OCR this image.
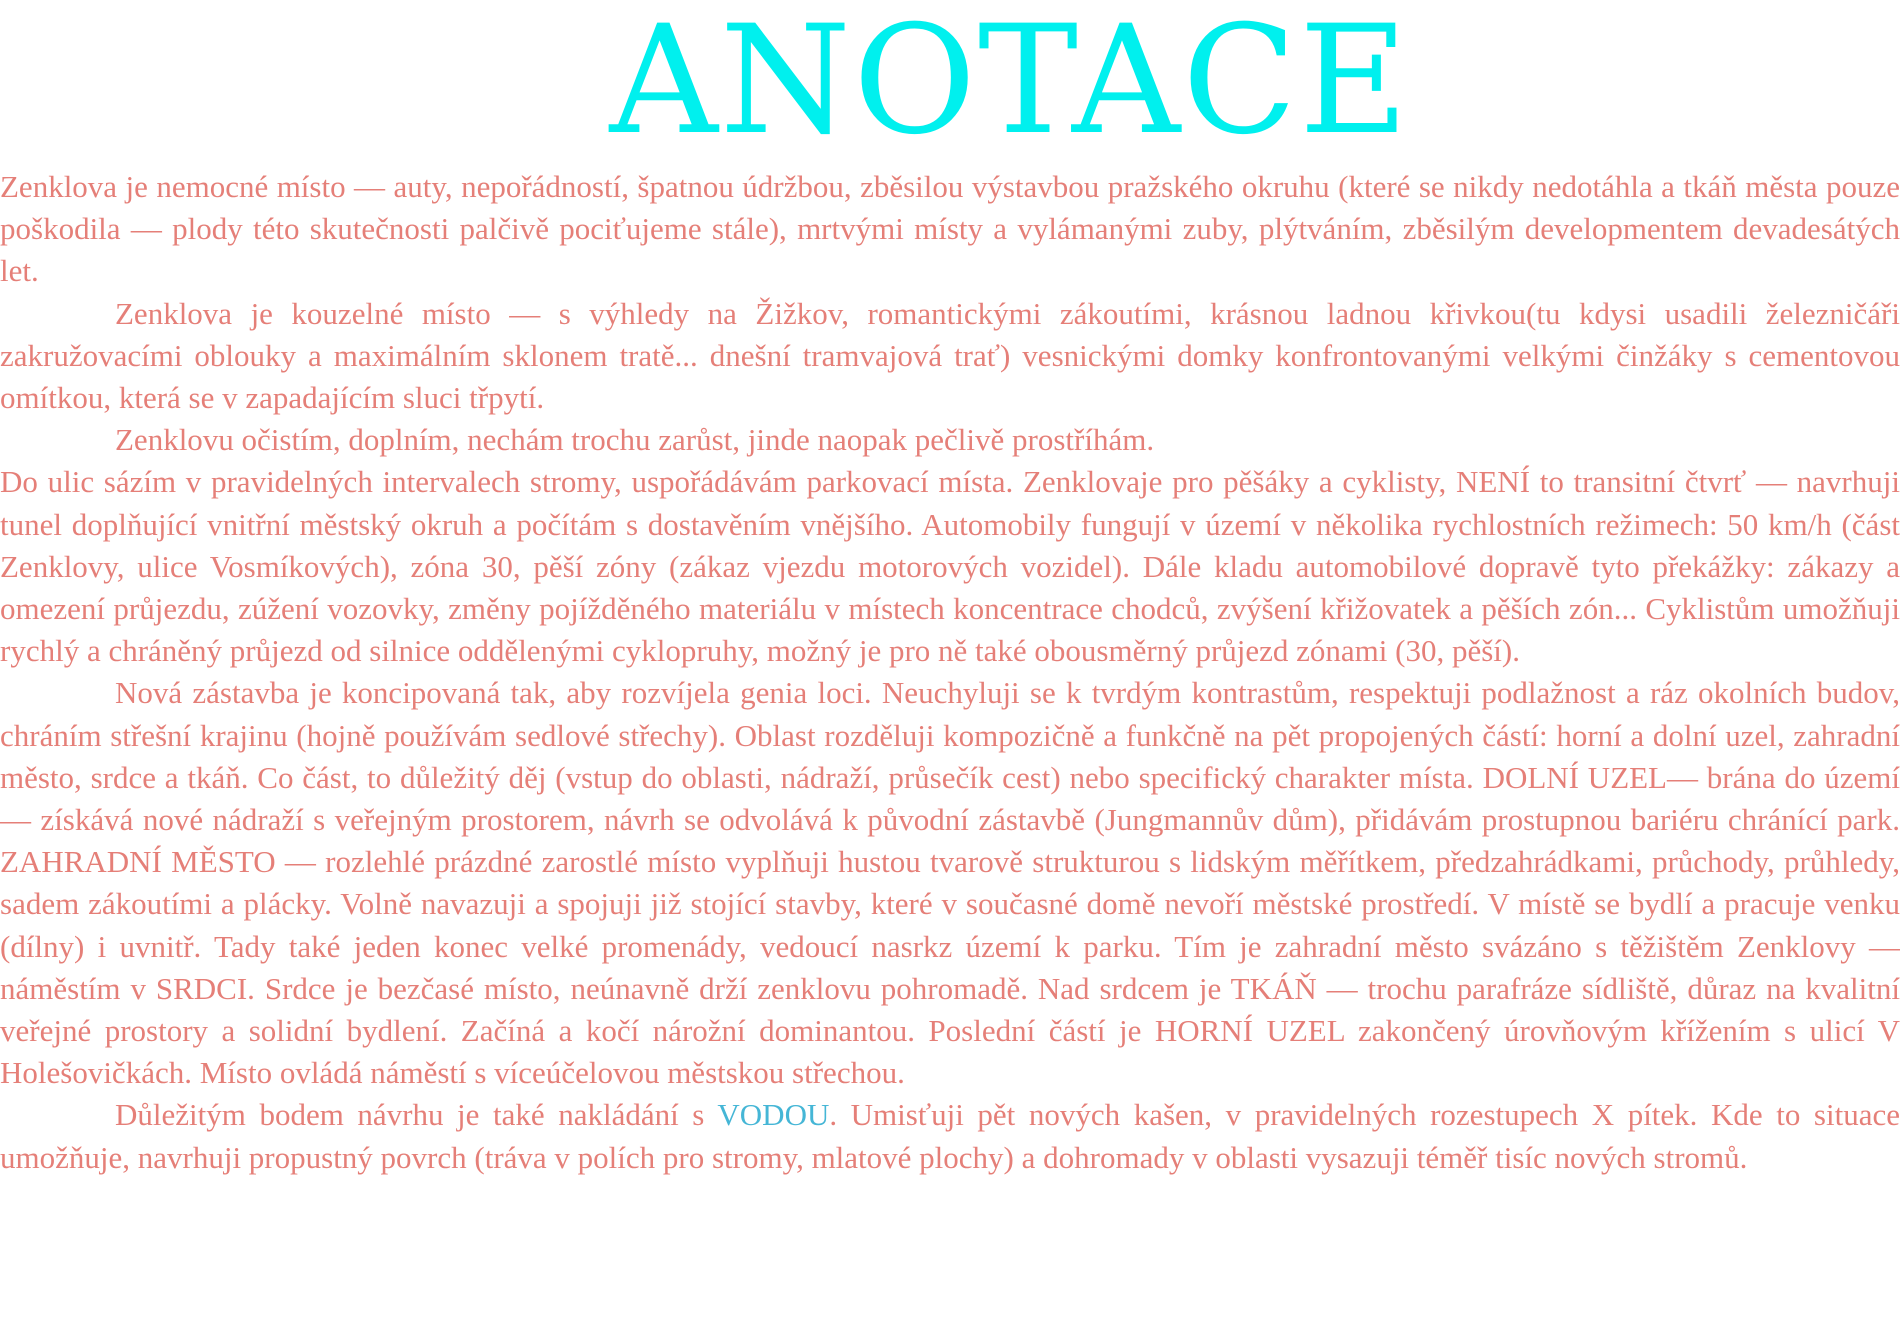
ANOTACE

Zenklova je nemocné místo — auty, nepořádností, špatnou údržbou, zběsilou výstavbou pražského okruhu (které se nikdy nedotáhla a tkáň města pouze poškodila — plody této skutečnosti palčivě pociťujeme stále), mrtvými místy a vylámanými zuby, plýtváním, zběsilým developmentem devadesátých let.

Zenklova je kouzelné místo — s výhledy na Žižkov, romantickými zákoutími, krásnou ladnou křivkou(tu kdysi usadili železničáři zakružovacími oblouky a maximálním sklonem tratě... dnešní tramvajová trať) vesnickými domky konfrontovanými velkými činžáky s cementovou omítkou, která se v zapadajícím sluci třpytí.

Zenklovu očistím, doplním, nechám trochu zarůst, jinde naopak pečlivě prostříhám.

Do ulic sázím v pravidelných intervalech stromy, uspořádávám parkovací místa. Zenklovaje pro pěšáky a cyklisty, NENÍ to transitní čtvrť — navrhuji tunel doplňující vnitřní městský okruh a počítám s dostavěním vnějšího. Automobily fungují v území v několika rychlostních režimech: 50 km/h (část Zenklovy, ulice Vosmíkových), zóna 30, pěší zóny (zákaz vjezdu motorových vozidel). Dále kladu automobilové dopravě tyto překážky: zákazy a omezení průjezdu, zúžení vozovky, změny pojížděného materiálu v místech koncentrace chodců, zvýšení křižovatek a pěších zón... Cyklistům umožňuji rychlý a chráněný průjezd od silnice oddělenými cyklopruhy, možný je pro ně také obousměrný průjezd zónami (30, pěší).

Nová zástavba je koncipovaná tak, aby rozvíjela genia loci. Neuchyluji se k tvrdým kontrastům, respektuji podlažnost a ráz okolních budov, chráním střešní krajinu (hojně používám sedlové střechy). Oblast rozděluji kompozičně a funkčně na pět propojených částí: horní a dolní uzel, zahradní město, srdce a tkáň. Co část, to důležitý děj (vstup do oblasti, nádraží, průsečík cest) nebo specifický charakter místa. DOLNÍ UZEL— brána do území — získává nové nádraží s veřejným prostorem, návrh se odvolává k původní zástavbě (Jungmannův dům), přidávám prostupnou bariéru chránící park. ZAHRADNÍ MĚSTO — rozlehlé prázdné zarostlé místo vyplňuji hustou tvarově strukturou s lidským měřítkem, předzahrádkami, průchody, průhledy, sadem zákoutími a plácky. Volně navazuji a spojuji již stojící stavby, které v současné domě nevoří městské prostředí. V místě se bydlí a pracuje venku (dílny) i uvnitř. Tady také jeden konec velké promenády, vedoucí nasrkz území k parku. Tím je zahradní město svázáno s těžištěm Zenklovy — náměstím v SRDCI. Srdce je bezčasé místo, neúnavně drží zenklovu pohromadě. Nad srdcem je TKÁŇ — trochu parafráze sídliště, důraz na kvalitní veřejné prostory a solidní bydlení. Začíná a kočí nárožní dominantou. Poslední částí je HORNÍ UZEL zakončený úrovňovým křížením s ulicí V Holešovičkách. Místo ovládá náměstí s víceúčelovou městskou střechou.

Důležitým bodem návrhu je také nakládání s VODOU. Umisťuji pět nových kašen, v pravidelných rozestupech X pítek. Kde to situace umožňuje, navrhuji propustný povrch (tráva v polích pro stromy, mlatové plochy) a dohromady v oblasti vysazuji téměř tisíc nových stromů.
